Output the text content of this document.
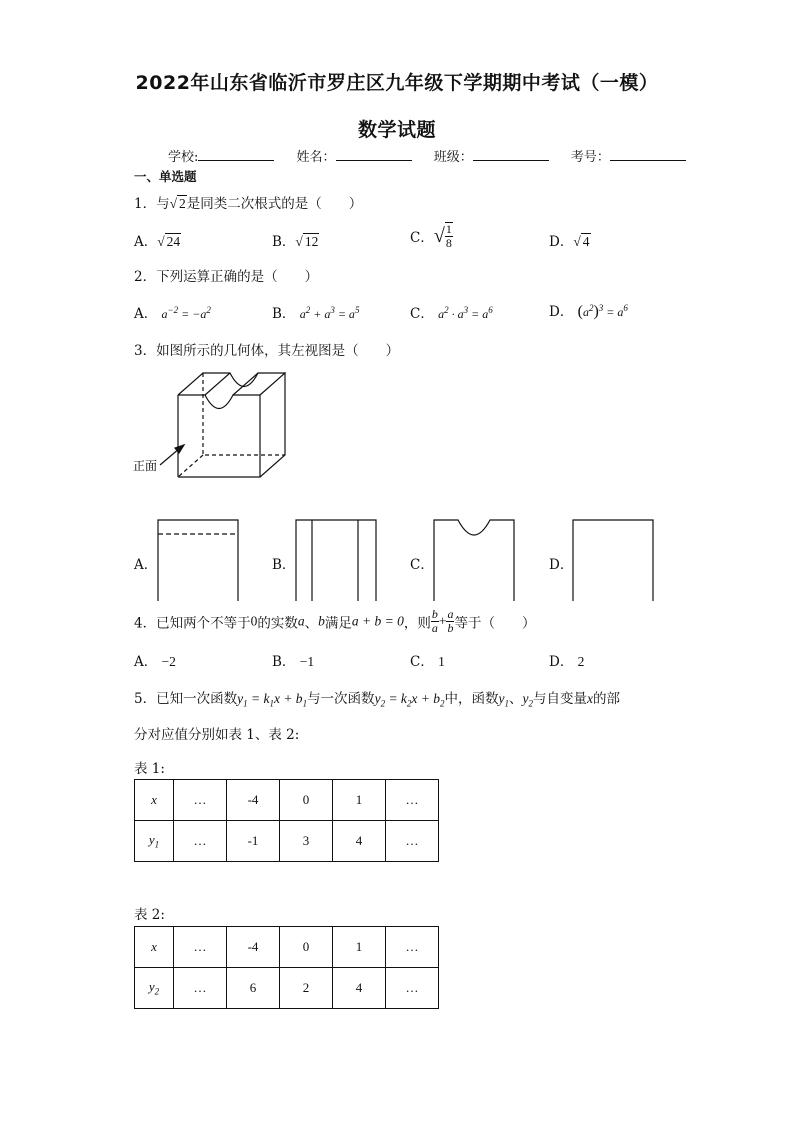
2022年山东省临沂市罗庄区九年级下学期期中考试（一模）
数学试题
学校:	姓名：	班级：	考号：
一、单选题
1．与√ 2是同类二次根式的是（　　）
A．√ 24	B．√ 12	C．√ $\frac{1}{8}$	D．√ 4
2．下列运算正确的是（　　）
A． $a^{-2} = -a^2$	B． $a^2 + a^3 = a^5$	C． $a^2 \cdot a^3 = a^6$	D． $(a^2)^3 = a^6$
3．如图所示的几何体，其左视图是（　　）
正面
A．	B．	C．	D．
4．已知两个不等于0的实数a、b满足a + b = 0，则 $\frac{b}{a} + \frac{a}{b}$ 等于（　　）
A． −2	B． −1	C． 1	D． 2
5．已知一次函数$y_1 = k_1x + b_1$与一次函数$y_2 = k_2x + b_2$中，函数$y_1$、$y_2$与自变量x的部
分对应值分别如表 1、表 2:
表 1:
x	…	-4	0	1	…
$y_1$	…	-1	3	4	…
表 2:
x	…	-4	0	1	…
$y_2$	…	6	2	4	…
